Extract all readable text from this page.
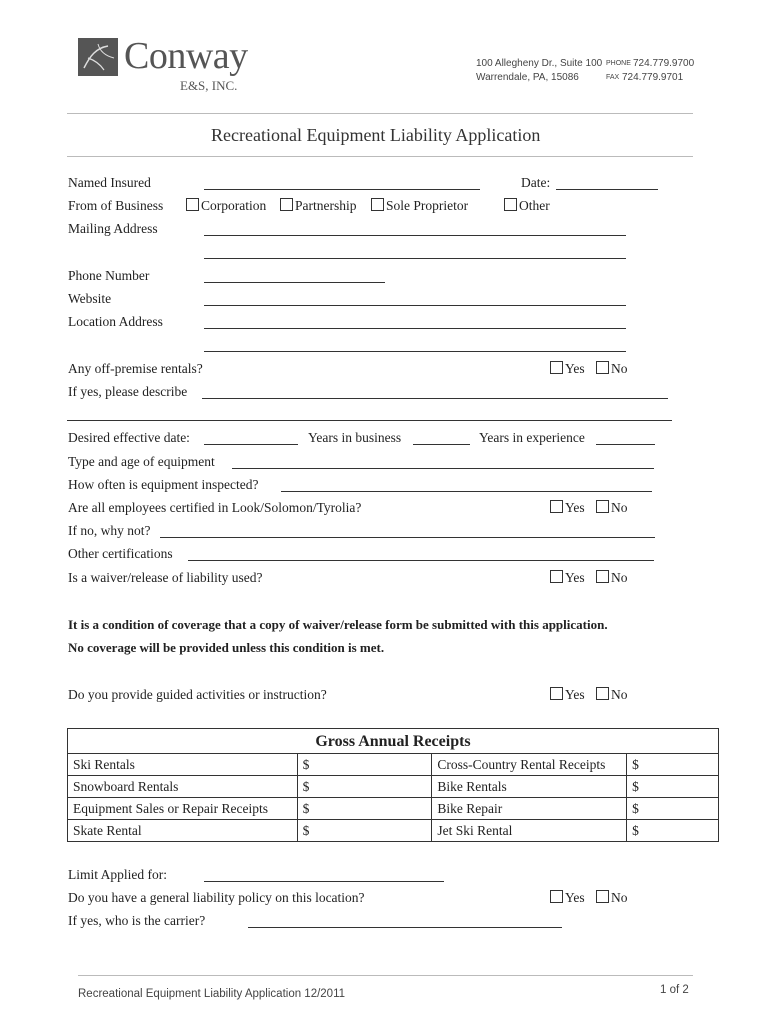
Conway
E&S, INC.
100 Allegheny Dr., Suite 100
Warrendale, PA, 15086
PHONE 724.779.9700
FAX 724.779.9701
Recreational Equipment Liability Application
Named Insured	Date:
From of Business	Corporation	Partnership	Sole Proprietor	Other
Mailing Address
Phone Number
Website
Location Address
Any off-premise rentals?	Yes	No
If yes, please describe
Desired effective date:	Years in business	Years in experience
Type and age of equipment
How often is equipment inspected?
Are all employees certified in Look/Solomon/Tyrolia?	Yes	No
If no, why not?
Other certifications
Is a waiver/release of liability used?	Yes	No
It is a condition of coverage that a copy of waiver/release form be submitted with this application.
No coverage will be provided unless this condition is met.
Do you provide guided activities or instruction?	Yes	No
Gross Annual Receipts			
Ski Rentals	$	Cross-Country Rental Receipts	$
Snowboard Rentals	$	Bike Rentals	$
Equipment Sales or Repair Receipts	$	Bike Repair	$
Skate Rental	$	Jet Ski Rental	$
Limit Applied for:
Do you have a general liability policy on this location?	Yes	No
If yes, who is the carrier?
Recreational Equipment Liability Application 12/2011	1 of 2
